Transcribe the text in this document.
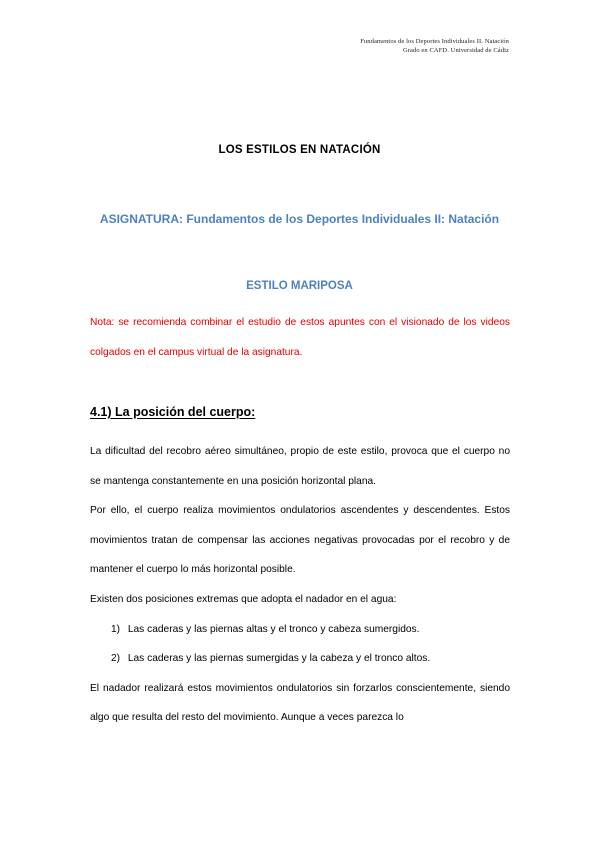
Fundamentos de los Deportes Individuales II. Natación
Grado en CAFD. Universidad de Cádiz
LOS ESTILOS EN NATACIÓN
ASIGNATURA: Fundamentos de los Deportes Individuales II: Natación
ESTILO MARIPOSA
Nota: se recomienda combinar el estudio de estos apuntes con el visionado de los videos colgados en el campus virtual de la asignatura.
4.1) La posición del cuerpo:

La dificultad del recobro aéreo simultáneo, propio de este estilo, provoca que el cuerpo no se mantenga constantemente en una posición horizontal plana.

Por ello, el cuerpo realiza movimientos ondulatorios ascendentes y descendentes. Estos movimientos tratan de compensar las acciones negativas provocadas por el recobro y de mantener el cuerpo lo más horizontal posible.

Existen dos posiciones extremas que adopta el nadador en el agua:

1) Las caderas y las piernas altas y el tronco y cabeza sumergidos.

2) Las caderas y las piernas sumergidas y la cabeza y el tronco altos.

El nadador realizará estos movimientos ondulatorios sin forzarlos conscientemente, siendo algo que resulta del resto del movimiento. Aunque a veces parezca lo
